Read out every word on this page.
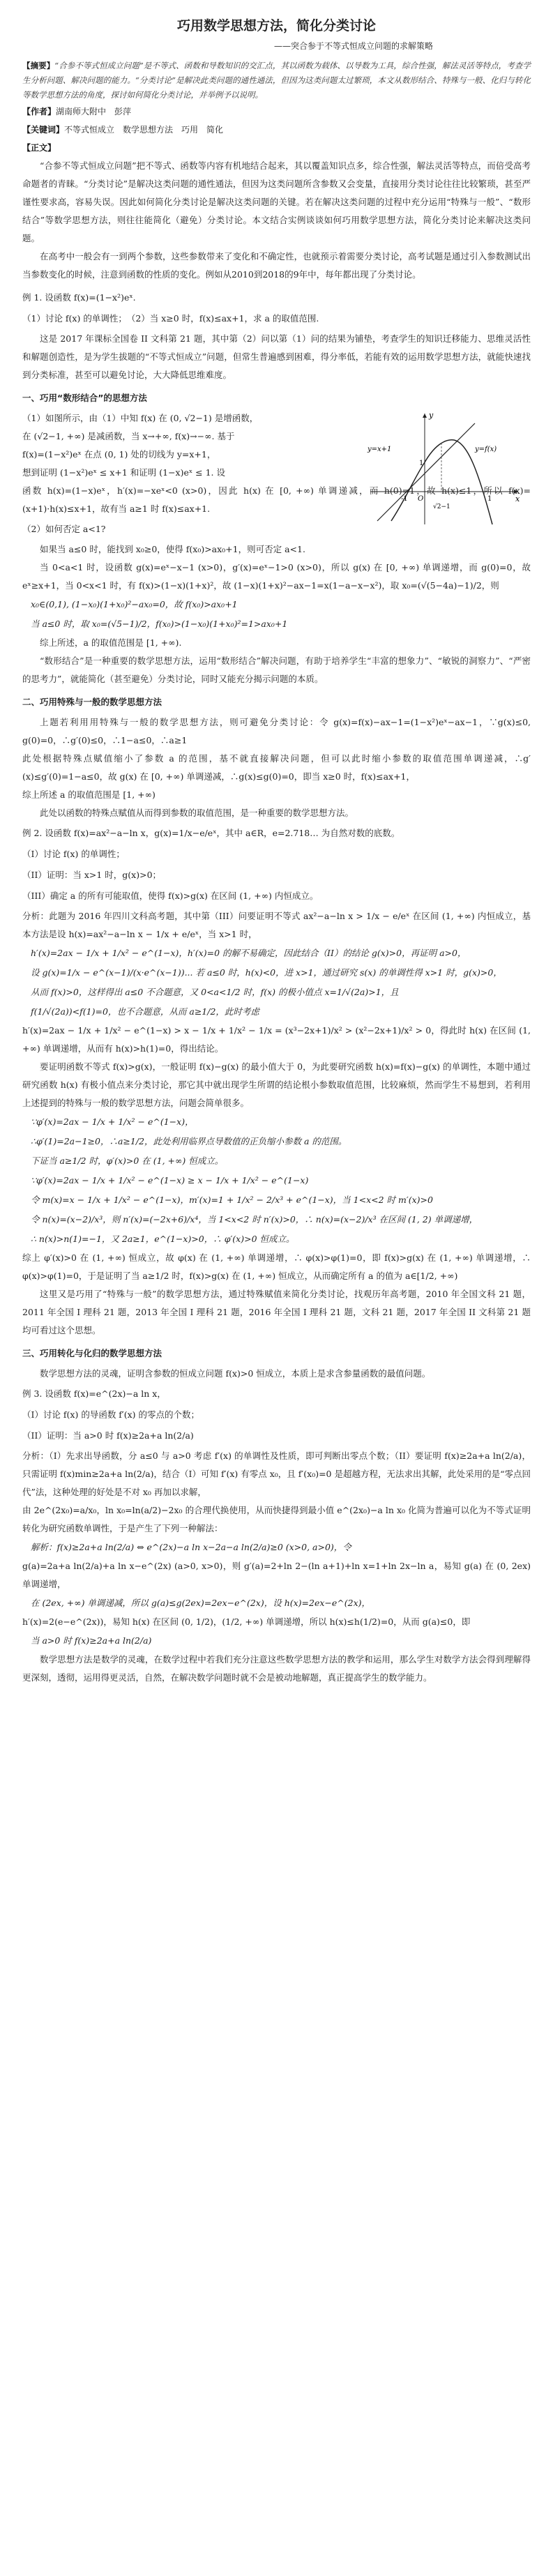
巧用数学思想方法，简化分类讨论
——突合参于不等式恒成立问题的求解策略

【摘要】“合参不等式恒成立问题”是不等式、函数和导数知识的交汇点，其以函数为载体、以导数为工具，综合性强，解法灵活等特点，考查学生分析问题、解决问题的能力。“分类讨论”是解决此类问题的通性通法，但因为这类问题太过繁琐，本文从数形结合、特殊与一般、化归与转化等数学思想方法的角度，探讨如何简化分类讨论，并举例予以说明。

【作者】湖南师大附中　彭萍
【关键词】不等式恒成立　数学思想方法　巧用　简化
【正文】

“合参不等式恒成立问题”把不等式、函数等内容有机地结合起来，其以覆盖知识点多，综合性强，解法灵活等特点，而倍受高考命题者的青睐。“分类讨论”是解决这类问题的通性通法，但因为这类问题所含参数又会变量，直接用分类讨论往往比较繁琐，甚至严谨性要求高，容易失误。因此如何简化分类讨论是解决这类问题的关键。若在解决这类问题的过程中充分运用“特殊与一般”、“数形结合”等数学思想方法，则往往能简化（避免）分类讨论。本文结合实例谈谈如何巧用数学思想方法，简化分类讨论来解决这类问题。

在高考中一般会有一到两个参数，这些参数带来了变化和不确定性，也就预示着需要分类讨论，高考试题是通过引入参数测试出当参数变化的时候，注意到函数的性质的变化。例如从2010到2018的9年中，每年都出现了分类讨论。

例 1. 设函数 f(x)=(1−x²)eˣ.
（1）讨论 f(x) 的单调性；　（2）当 x≥0 时，f(x)≤ax+1，求 a 的取值范围.

这是 2017 年课标全国卷 II 文科第 21 题，其中第（2）问以第（1）问的结果为铺垫，考查学生的知识迁移能力、思维灵活性和解题创造性，是为学生拔题的“不等式恒成立”问题，但常生普遍感到困难，得分率低，若能有效的运用数学思想方法，就能快速找到分类标准，甚至可以避免讨论，大大降低思维难度。

一、巧用“数形结合”的思想方法
x
y
O
y=x+1	y=f(x)
-1	1
√2−1
1

（1）如图所示，由（1）中知 f(x) 在 (0, √2−1) 是增函数，

在 (√2−1, +∞) 是减函数，当 x→+∞, f(x)→−∞. 基于

f(x)=(1−x²)eˣ 在点 (0, 1) 处的切线为 y=x+1，

想到证明 (1−x²)eˣ ≤ x+1 和证明 (1−x)eˣ ≤ 1. 设

函数 h(x)=(1−x)eˣ，h′(x)=−xeˣ<0 (x>0)，因此 h(x) 在 [0, +∞) 单调递减，而 h(0)=1，故 h(x)≤1，所以 f(x)=(x+1)·h(x)≤x+1，故有当 a≥1 时 f(x)≤ax+1.

（2）如何否定 a<1?

如果当 a≤0 时，能找到 x₀≥0，使得 f(x₀)>ax₀+1，则可否定 a<1.

当 0<a<1 时，设函数 g(x)=eˣ−x−1 (x>0)，g′(x)=eˣ−1>0 (x>0)，所以 g(x) 在 [0, +∞) 单调递增，而 g(0)=0，故 eˣ≥x+1，当 0<x<1 时，有 f(x)>(1−x)(1+x)²，故 (1−x)(1+x)²−ax−1=x(1−a−x−x²)，取 x₀=(√(5−4a)−1)/2，则

x₀∈(0,1), (1−x₀)(1+x₀)²−ax₀=0，故 f(x₀)>ax₀+1
当 a≤0 时，取 x₀=(√5−1)/2，f(x₀)>(1−x₀)(1+x₀)²=1>ax₀+1

综上所述，a 的取值范围是 [1, +∞).

“数形结合”是一种重要的数学思想方法，运用“数形结合”解决问题，有助于培养学生“丰富的想象力”、“敏锐的洞察力”、“严密的思考力”，就能简化（甚至避免）分类讨论，同时又能充分揭示问题的本质。

二、巧用特殊与一般的数学思想方法

上题若利用用特殊与一般的数学思想方法，则可避免分类讨论：令 g(x)=f(x)−ax−1=(1−x²)eˣ−ax−1，∵g(x)≤0, g(0)=0，∴g′(0)≤0，∴1−a≤0，∴a≥1

此处根据特殊点赋值缩小了参数 a 的范围，基不就直接解决问题，但可以此时缩小参数的取值范围单调递减，∴g′(x)≤g′(0)=1−a≤0，故 g(x) 在 [0, +∞) 单调递减，∴g(x)≤g(0)=0，即当 x≥0 时，f(x)≤ax+1，

综上所述 a 的取值范围是 [1, +∞)

此处以函数的特殊点赋值从而得到参数的取值范围，是一种重要的数学思想方法。

例 2. 设函数 f(x)=ax²−a−ln x，g(x)=1/x−e/eˣ，其中 a∈R，e=2.718… 为自然对数的底数。
（I）讨论 f(x) 的单调性；
（II）证明：当 x>1 时，g(x)>0；
（III）确定 a 的所有可能取值，使得 f(x)>g(x) 在区间 (1, +∞) 内恒成立。

分析：此题为 2016 年四川文科高考题，其中第（III）问要证明不等式 ax²−a−ln x > 1/x − e/eˣ 在区间 (1, +∞) 内恒成立，基本方法是设 h(x)=ax²−a−ln x − 1/x + e/eˣ，当 x>1 时，

h′(x)=2ax − 1/x + 1/x² − e^(1−x)，h′(x)=0 的解不易确定，因此结合（II）的结论 g(x)>0，再证明 a>0，
设 g(x)=1/x − e^(x−1)/(x·e^(x−1))... 若 a≤0 时，h(x)<0，进 x>1，通过研究 s(x) 的单调性得 x>1 时，g(x)>0，
从而 f(x)>0，这样得出 a≤0 不合题意，又 0<a<1/2 时，f(x) 的极小值点 x=1/√(2a)>1，且
f(1/√(2a))<f(1)=0，也不合题意，从而 a≥1/2，此时考虑

h′(x)=2ax − 1/x + 1/x² − e^(1−x) > x − 1/x + 1/x² − 1/x = (x³−2x+1)/x² > (x²−2x+1)/x² > 0，得此时 h(x) 在区间 (1, +∞) 单调递增，从而有 h(x)>h(1)=0，得出结论。

要证明函数不等式 f(x)>g(x)，一般证明 f(x)−g(x) 的最小值大于 0，为此要研究函数 h(x)=f(x)−g(x) 的单调性，本题中通过研究函数 h(x) 有极小值点来分类讨论，那它其中就出现学生所谓的结论根小参数取值范围，比较麻烦，然而学生不易想到，若利用上述提到的特殊与一般的数学思想方法，问题会简单很多。

∵φ′(x)=2ax − 1/x + 1/x² − e^(1−x)，
∴φ′(1)=2a−1≥0，∴a≥1/2，此处利用临界点导数值的正负缩小参数 a 的范围。
下证当 a≥1/2 时，φ′(x)>0 在 (1, +∞) 恒成立。
∵φ′(x)=2ax − 1/x + 1/x² − e^(1−x) ≥ x − 1/x + 1/x² − e^(1−x)
令 m(x)=x − 1/x + 1/x² − e^(1−x)，m′(x)=1 + 1/x² − 2/x³ + e^(1−x)，当 1<x<2 时 m′(x)>0
令 n(x)=(x−2)/x³，则 n′(x)=(−2x+6)/x⁴，当 1<x<2 时 n′(x)>0，∴ n(x)=(x−2)/x³ 在区间 (1, 2) 单调递增，
∴ n(x)>n(1)=−1，又 2a≥1，e^(1−x)>0，∴ φ′(x)>0 恒成立。

综上 φ′(x)>0 在 (1, +∞) 恒成立，故 φ(x) 在 (1, +∞) 单调递增，∴ φ(x)>φ(1)=0，即 f(x)>g(x) 在 (1, +∞) 单调递增，∴ φ(x)>φ(1)=0，于是证明了当 a≥1/2 时，f(x)>g(x) 在 (1, +∞) 恒成立，从而确定所有 a 的值为 a∈[1/2, +∞)

这里又是巧用了“特殊与一般”的数学思想方法，通过特殊赋值来简化分类讨论，找观历年高考题，2010 年全国文科 21 题，2011 年全国 I 理科 21 题，2013 年全国 I 理科 21 题，2016 年全国 I 理科 21 题，文科 21 题，2017 年全国 II 文科第 21 题均可看过这个思想。

三、巧用转化与化归的数学思想方法

数学思想方法的灵魂，证明含参数的恒成立问题 f(x)>0 恒成立，本质上是求含参量函数的最值问题。

例 3. 设函数 f(x)=e^(2x)−a ln x，
（I）讨论 f(x) 的导函数 f′(x) 的零点的个数；
（II）证明：当 a>0 时 f(x)≥2a+a ln(2/a)

分析：（I）先求出导函数，分 a≤0 与 a>0 考虑 f′(x) 的单调性及性质，即可判断出零点个数；（II）要证明 f(x)≥2a+a ln(2/a)，只需证明 f(x)min≥2a+a ln(2/a)，结合（I）可知 f′(x) 有零点 x₀，且 f′(x₀)=0 是超越方程，无法求出其解，此处采用的是“零点回代”法，这种处理的好处是不对 x₀ 再加以求解，

由 2e^(2x₀)=a/x₀，ln x₀=ln(a/2)−2x₀ 的合理代换使用，从而快捷得到最小值 e^(2x₀)−a ln x₀ 化简为普遍可以化为不等式证明转化为研究函数单调性，于是产生了下列一种解法：

解析：f(x)≥2a+a ln(2/a) ⇔ e^(2x)−a ln x−2a−a ln(2/a)≥0 (x>0, a>0)，令

g(a)=2a+a ln(2/a)+a ln x−e^(2x) (a>0, x>0)，则 g′(a)=2+ln 2−(ln a+1)+ln x=1+ln 2x−ln a，易知 g(a) 在 (0, 2ex) 单调递增，

在 (2ex, +∞) 单调递减，所以 g(a)≤g(2ex)=2ex−e^(2x)，设 h(x)=2ex−e^(2x)，

h′(x)=2(e−e^(2x))，易知 h(x) 在区间 (0, 1/2)，(1/2, +∞) 单调递增，所以 h(x)≤h(1/2)=0，从而 g(a)≤0，即

当 a>0 时 f(x)≥2a+a ln(2/a)

数学思想方法是数学的灵魂，在数学过程中若我们充分注意这些数学思想方法的教学和运用，那么学生对数学方法会得到理解得更深刻，透彻，运用得更灵活，自然，在解决数学问题时就不会是被动地解题，真正提高学生的数学能力。
